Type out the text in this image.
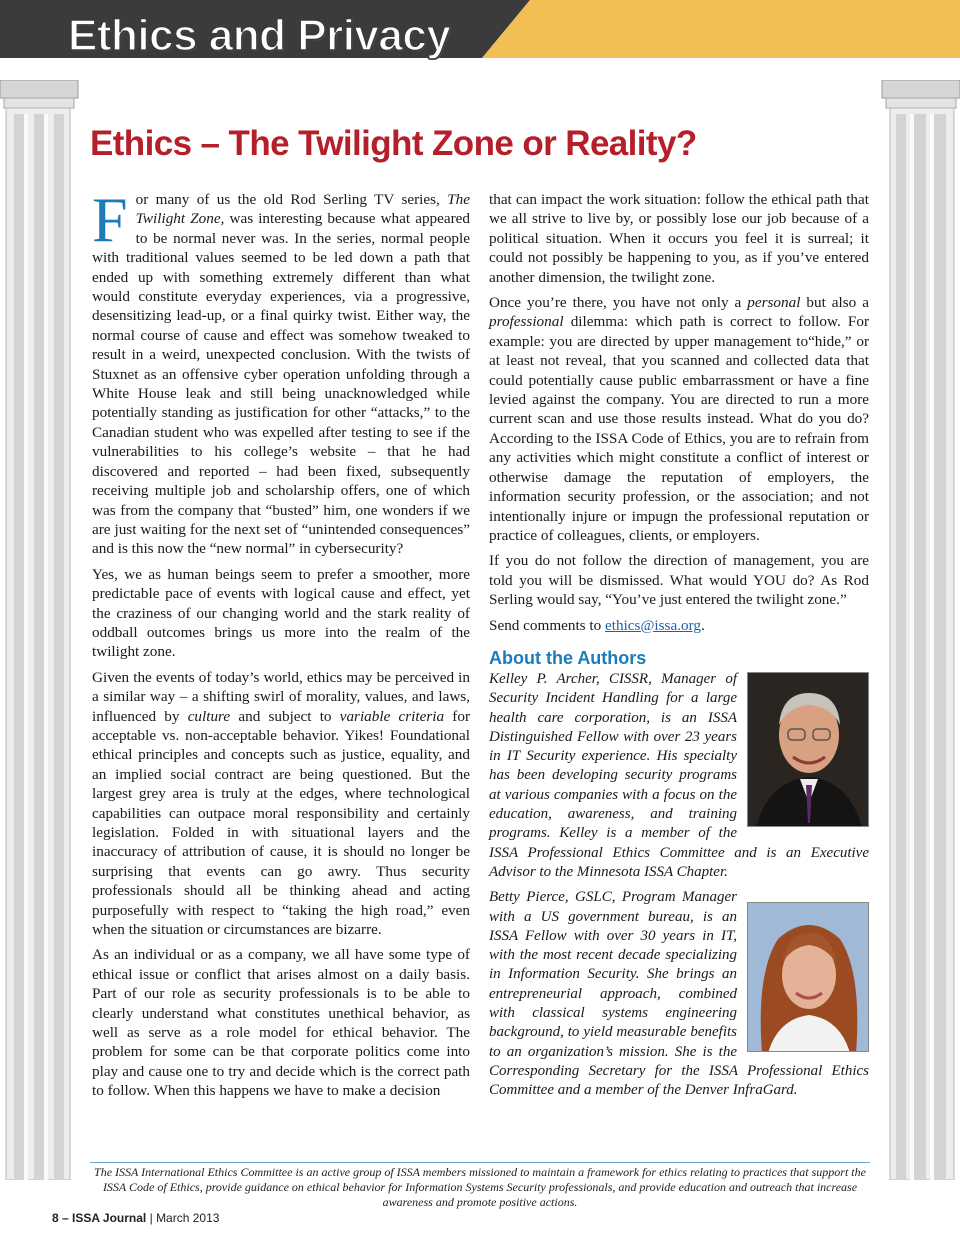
Ethics and Privacy
Ethics – The Twilight Zone or Reality?

For many of us the old Rod Serling TV series, The Twilight Zone, was interesting because what appeared to be normal never was. In the series, normal people with traditional values seemed to be led down a path that ended up with something extremely different than what would constitute everyday experiences, via a progressive, desensitizing lead-up, or a final quirky twist. Either way, the normal course of cause and effect was somehow tweaked to result in a weird, unexpected conclusion. With the twists of Stuxnet as an offensive cyber operation unfolding through a White House leak and still being unacknowledged while potentially standing as justification for other “attacks,” to the Canadian student who was expelled after testing to see if the vulnerabilities to his college’s website – that he had discovered and reported – had been fixed, subsequently receiving multiple job and scholarship offers, one of which was from the company that “busted” him, one wonders if we are just waiting for the next set of “unintended consequences” and is this now the “new normal” in cybersecurity?

Yes, we as human beings seem to prefer a smoother, more predictable pace of events with logical cause and effect, yet the craziness of our changing world and the stark reality of oddball outcomes brings us more into the realm of the twilight zone.

Given the events of today’s world, ethics may be perceived in a similar way – a shifting swirl of morality, values, and laws, influenced by culture and subject to variable criteria for acceptable vs. non-acceptable behavior. Yikes! Foundational ethical principles and concepts such as justice, equality, and an implied social contract are being questioned. But the largest grey area is truly at the edges, where technological capabilities can outpace moral responsibility and certainly legislation. Folded in with situational layers and the inaccuracy of attribution of cause, it is should no longer be surprising that events can go awry. Thus security professionals should all be thinking ahead and acting purposefully with respect to “taking the high road,” even when the situation or circumstances are bizarre.

As an individual or as a company, we all have some type of ethical issue or conflict that arises almost on a daily basis. Part of our role as security professionals is to be able to clearly understand what constitutes unethical behavior, as well as serve as a role model for ethical behavior. The problem for some can be that corporate politics come into play and cause one to try and decide which is the correct path to follow. When this happens we have to make a decision

that can impact the work situation: follow the ethical path that we all strive to live by, or possibly lose our job because of a political situation. When it occurs you feel it is surreal; it could not possibly be happening to you, as if you’ve entered another dimension, the twilight zone.

Once you’re there, you have not only a personal but also a professional dilemma: which path is correct to follow. For example: you are directed by upper management to“hide,” or at least not reveal, that you scanned and collected data that could potentially cause public embarrassment or have a fine levied against the company. You are directed to run a more current scan and use those results instead. What do you do? According to the ISSA Code of Ethics, you are to refrain from any activities which might constitute a conflict of interest or otherwise damage the reputation of employers, the information security profession, or the association; and not intentionally injure or impugn the professional reputation or practice of colleagues, clients, or employers.

If you do not follow the direction of management, you are told you will be dismissed. What would YOU do? As Rod Serling would say, “You’ve just entered the twilight zone.”

Send comments to ethics@issa.org.

About the Authors

Kelley P. Archer, CISSR, Manager of Security Incident Handling for a large health care corporation, is an ISSA Distinguished Fellow with over 23 years in IT Security experience. His specialty has been developing security programs at various companies with a focus on the education, awareness, and training programs. Kelley is a member of the ISSA Professional Ethics Committee and is an Executive Advisor to the Minnesota ISSA Chapter.

Betty Pierce, GSLC, Program Manager with a US government bureau, is an ISSA Fellow with over 30 years in IT, with the most recent decade specializing in Information Security. She brings an entrepreneurial approach, combined with classical systems engineering background, to yield measurable benefits to an organization’s mission. She is the Corresponding Secretary for the ISSA Professional Ethics Committee and a member of the Denver InfraGard.

The ISSA International Ethics Committee is an active group of ISSA members missioned to maintain a framework for ethics relating to practices that support the ISSA Code of Ethics, provide guidance on ethical behavior for Information Systems Security professionals, and provide education and outreach that increase awareness and promote positive actions.
8 – ISSA Journal | March 2013
